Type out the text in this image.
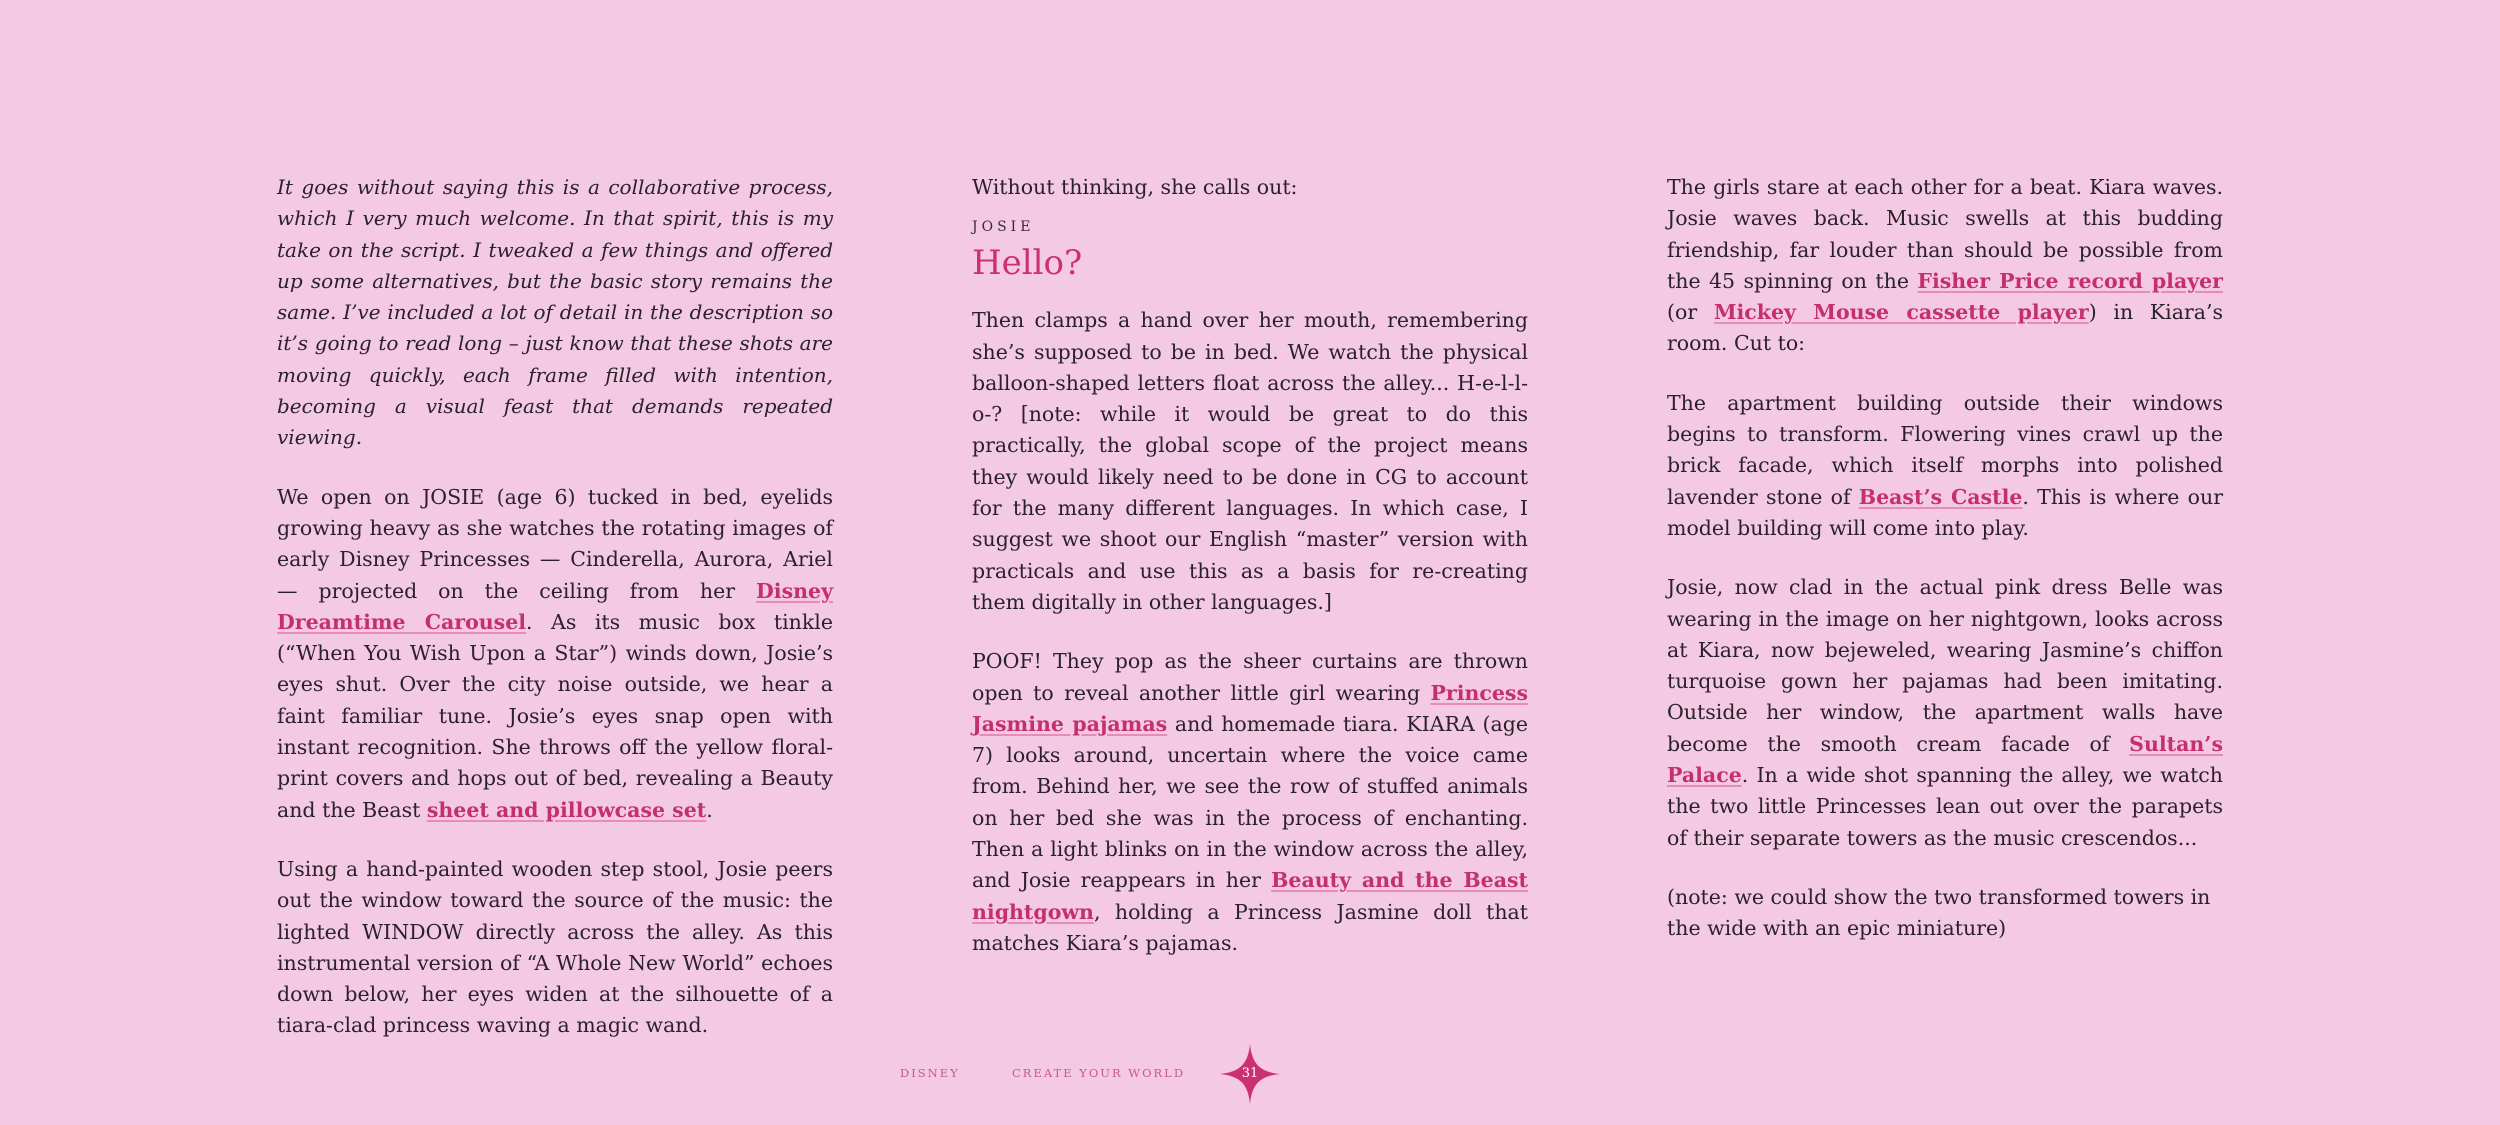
It goes without saying this is a collaborative process, which I very much welcome. In that spirit, this is my take on the script. I tweaked a few things and offered up some alternatives, but the basic story remains the same. I’ve included a lot of detail in the description so it’s going to read long – just know that these shots are moving quickly, each frame filled with intention, becoming a visual feast that demands repeated viewing.

We open on JOSIE (age 6) tucked in bed, eyelids growing heavy as she watches the rotating images of early Disney Princesses — Cinderella, Aurora, Ariel — projected on the ceiling from her Disney Dreamtime Carousel. As its music box tinkle (“When You Wish Upon a Star”) winds down, Josie’s eyes shut. Over the city noise outside, we hear a faint familiar tune. Josie’s eyes snap open with instant recognition. She throws off the yellow floral-print covers and hops out of bed, revealing a Beauty and the Beast sheet and pillowcase set.

Using a hand-painted wooden step stool, Josie peers out the window toward the source of the music: the lighted WINDOW directly across the alley. As this instrumental version of “A Whole New World” echoes down below, her eyes widen at the silhouette of a tiara-clad princess waving a magic wand.

Without thinking, she calls out:

JOSIE
Hello?

Then clamps a hand over her mouth, remembering she’s supposed to be in bed. We watch the physical balloon-shaped letters float across the alley... H-e-l-l-o-? [note: while it would be great to do this practically, the global scope of the project means they would likely need to be done in CG to account for the many different languages. In which case, I suggest we shoot our English “master” version with practicals and use this as a basis for re-creating them digitally in other languages.]

POOF! They pop as the sheer curtains are thrown open to reveal another little girl wearing Princess Jasmine pajamas and homemade tiara. KIARA (age 7) looks around, uncertain where the voice came from. Behind her, we see the row of stuffed animals on her bed she was in the process of enchanting. Then a light blinks on in the window across the alley, and Josie reappears in her Beauty and the Beast nightgown, holding a Princess Jasmine doll that matches Kiara’s pajamas.

The girls stare at each other for a beat. Kiara waves. Josie waves back. Music swells at this budding friendship, far louder than should be possible from the 45 spinning on the Fisher Price record player (or Mickey Mouse cassette player) in Kiara’s room. Cut to:

The apartment building outside their windows begins to transform. Flowering vines crawl up the brick facade, which itself morphs into polished lavender stone of Beast’s Castle. This is where our model building will come into play.

Josie, now clad in the actual pink dress Belle was wearing in the image on her nightgown, looks across at Kiara, now bejeweled, wearing Jasmine’s chiffon turquoise gown her pajamas had been imitating. Outside her window, the apartment walls have become the smooth cream facade of Sultan’s Palace. In a wide shot spanning the alley, we watch the two little Princesses lean out over the parapets of their separate towers as the music crescendos...

(note: we could show the two transformed towers in the wide with an epic miniature)

DISNEY	CREATE YOUR WORLD	31
